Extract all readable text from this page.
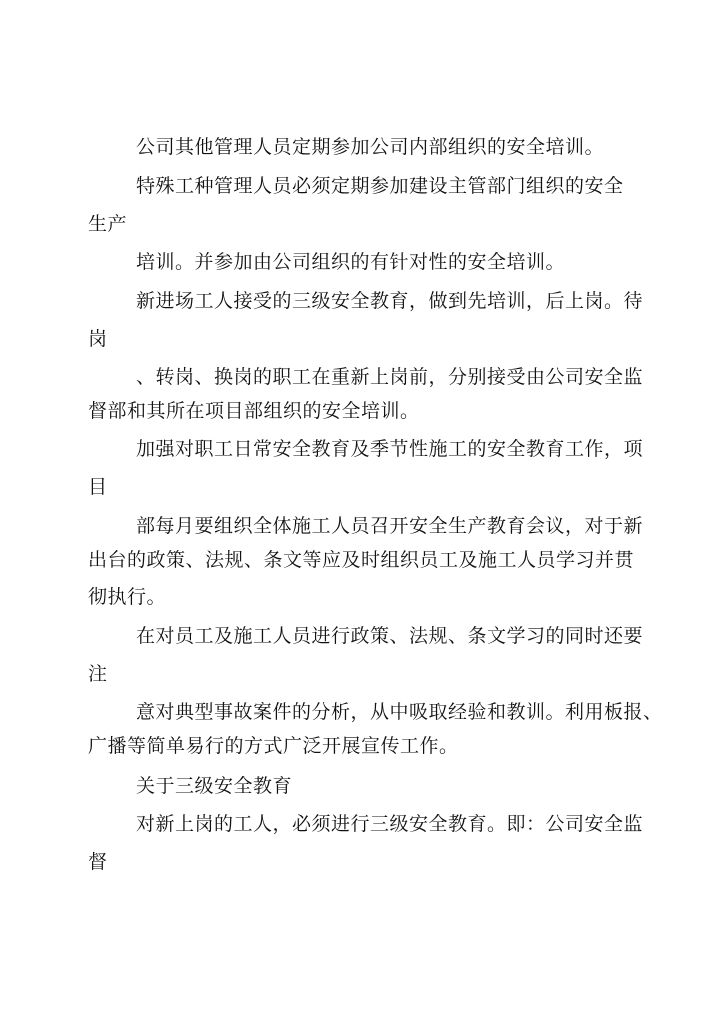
公司其他管理人员定期参加公司内部组织的安全培训。
特殊工种管理人员必须定期参加建设主管部门组织的安全
生产
培训。并参加由公司组织的有针对性的安全培训。
新进场工人接受的三级安全教育，做到先培训，后上岗。待
岗
、转岗、换岗的职工在重新上岗前，分别接受由公司安全监
督部和其所在项目部组织的安全培训。
加强对职工日常安全教育及季节性施工的安全教育工作，项
目
部每月要组织全体施工人员召开安全生产教育会议，对于新
出台的政策、法规、条文等应及时组织员工及施工人员学习并贯
彻执行。
在对员工及施工人员进行政策、法规、条文学习的同时还要
注
意对典型事故案件的分析，从中吸取经验和教训。利用板报、
广播等简单易行的方式广泛开展宣传工作。
关于三级安全教育
对新上岗的工人，必须进行三级安全教育。即：公司安全监
督
